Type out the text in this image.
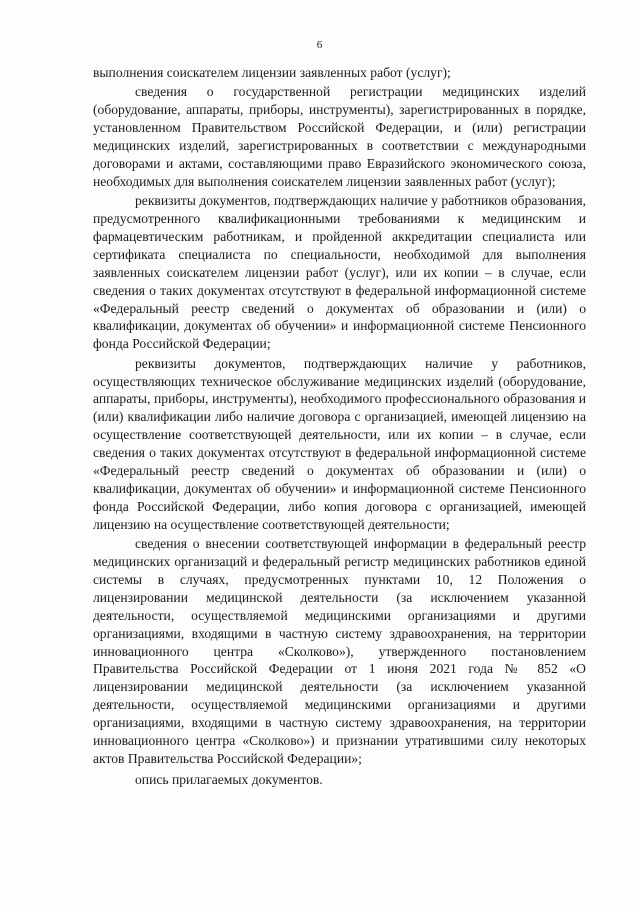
6

выполнения соискателем лицензии заявленных работ (услуг);

сведения о государственной регистрации медицинских изделий (оборудование, аппараты, приборы, инструменты), зарегистрированных в порядке, установленном Правительством Российской Федерации, и (или) регистрации медицинских изделий, зарегистрированных в соответствии с международными договорами и актами, составляющими право Евразийского экономического союза, необходимых для выполнения соискателем лицензии заявленных работ (услуг);

реквизиты документов, подтверждающих наличие у работников образования, предусмотренного квалификационными требованиями к медицинским и фармацевтическим работникам, и пройденной аккредитации специалиста или сертификата специалиста по специальности, необходимой для выполнения заявленных соискателем лицензии работ (услуг), или их копии – в случае, если сведения о таких документах отсутствуют в федеральной информационной системе «Федеральный реестр сведений о документах об образовании и (или) о квалификации, документах об обучении» и информационной системе Пенсионного фонда Российской Федерации;

реквизиты документов, подтверждающих наличие у работников, осуществляющих техническое обслуживание медицинских изделий (оборудование, аппараты, приборы, инструменты), необходимого профессионального образования и (или) квалификации либо наличие договора с организацией, имеющей лицензию на осуществление соответствующей деятельности, или их копии – в случае, если сведения о таких документах отсутствуют в федеральной информационной системе «Федеральный реестр сведений о документах об образовании и (или) о квалификации, документах об обучении» и информационной системе Пенсионного фонда Российской Федерации, либо копия договора с организацией, имеющей лицензию на осуществление соответствующей деятельности;

сведения о внесении соответствующей информации в федеральный реестр медицинских организаций и федеральный регистр медицинских работников единой системы в случаях, предусмотренных пунктами 10, 12 Положения о лицензировании медицинской деятельности (за исключением указанной деятельности, осуществляемой медицинскими организациями и другими организациями, входящими в частную систему здравоохранения, на территории инновационного центра «Сколково»), утвержденного постановлением Правительства Российской Федерации от 1 июня 2021 года № 852 «О лицензировании медицинской деятельности (за исключением указанной деятельности, осуществляемой медицинскими организациями и другими организациями, входящими в частную систему здравоохранения, на территории инновационного центра «Сколково») и признании утратившими силу некоторых актов Правительства Российской Федерации»;

опись прилагаемых документов.
